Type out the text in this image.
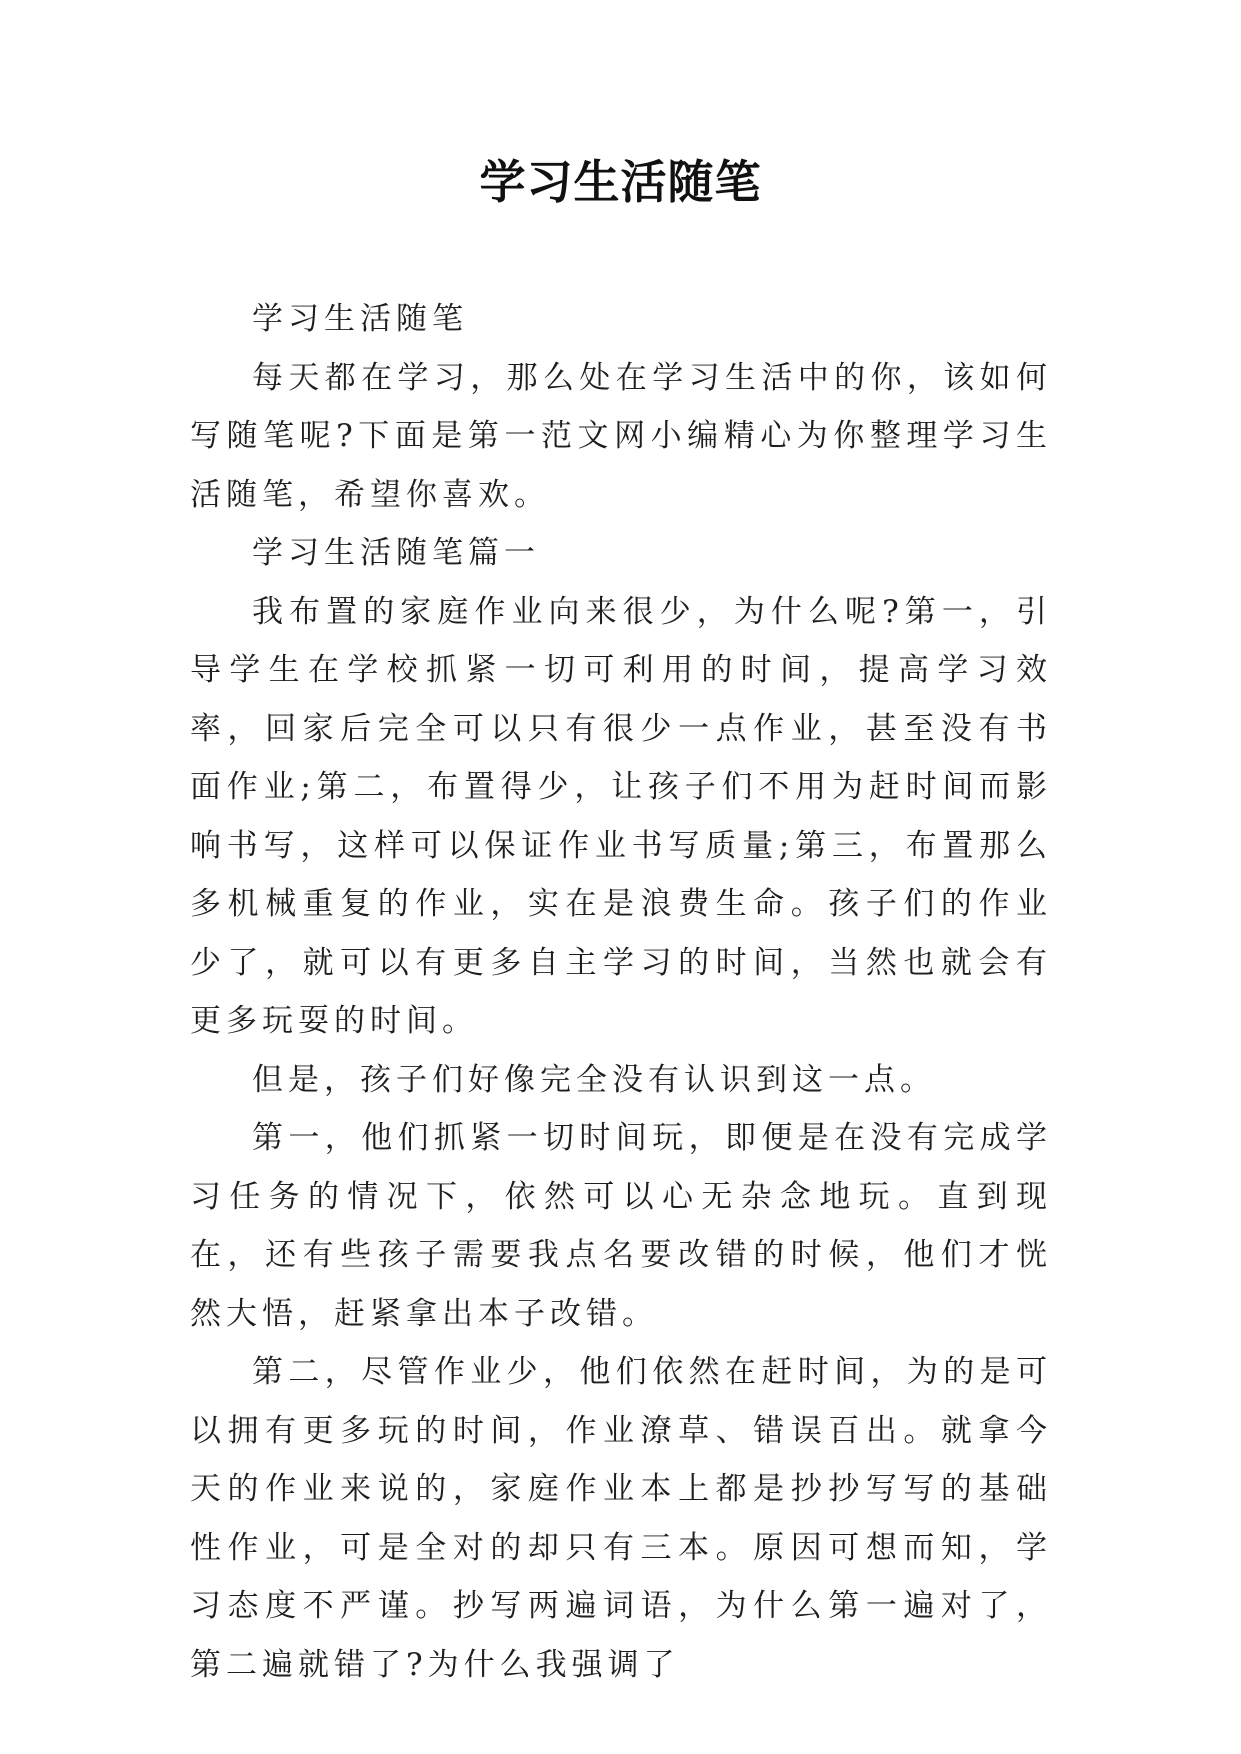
学习生活随笔

学习生活随笔

每天都在学习，那么处在学习生活中的你，该如何写随笔呢?下面是第一范文网小编精心为你整理学习生活随笔，希望你喜欢。

学习生活随笔篇一

我布置的家庭作业向来很少，为什么呢?第一，引导学生在学校抓紧一切可利用的时间，提高学习效率，回家后完全可以只有很少一点作业，甚至没有书面作业;第二，布置得少，让孩子们不用为赶时间而影响书写，这样可以保证作业书写质量;第三，布置那么多机械重复的作业，实在是浪费生命。孩子们的作业少了，就可以有更多自主学习的时间，当然也就会有更多玩耍的时间。

但是，孩子们好像完全没有认识到这一点。

第一，他们抓紧一切时间玩，即便是在没有完成学习任务的情况下，依然可以心无杂念地玩。直到现在，还有些孩子需要我点名要改错的时候，他们才恍然大悟，赶紧拿出本子改错。

第二，尽管作业少，他们依然在赶时间，为的是可以拥有更多玩的时间，作业潦草、错误百出。就拿今天的作业来说的，家庭作业本上都是抄抄写写的基础性作业，可是全对的却只有三本。原因可想而知，学习态度不严谨。抄写两遍词语，为什么第一遍对了，第二遍就错了?为什么我强调了
